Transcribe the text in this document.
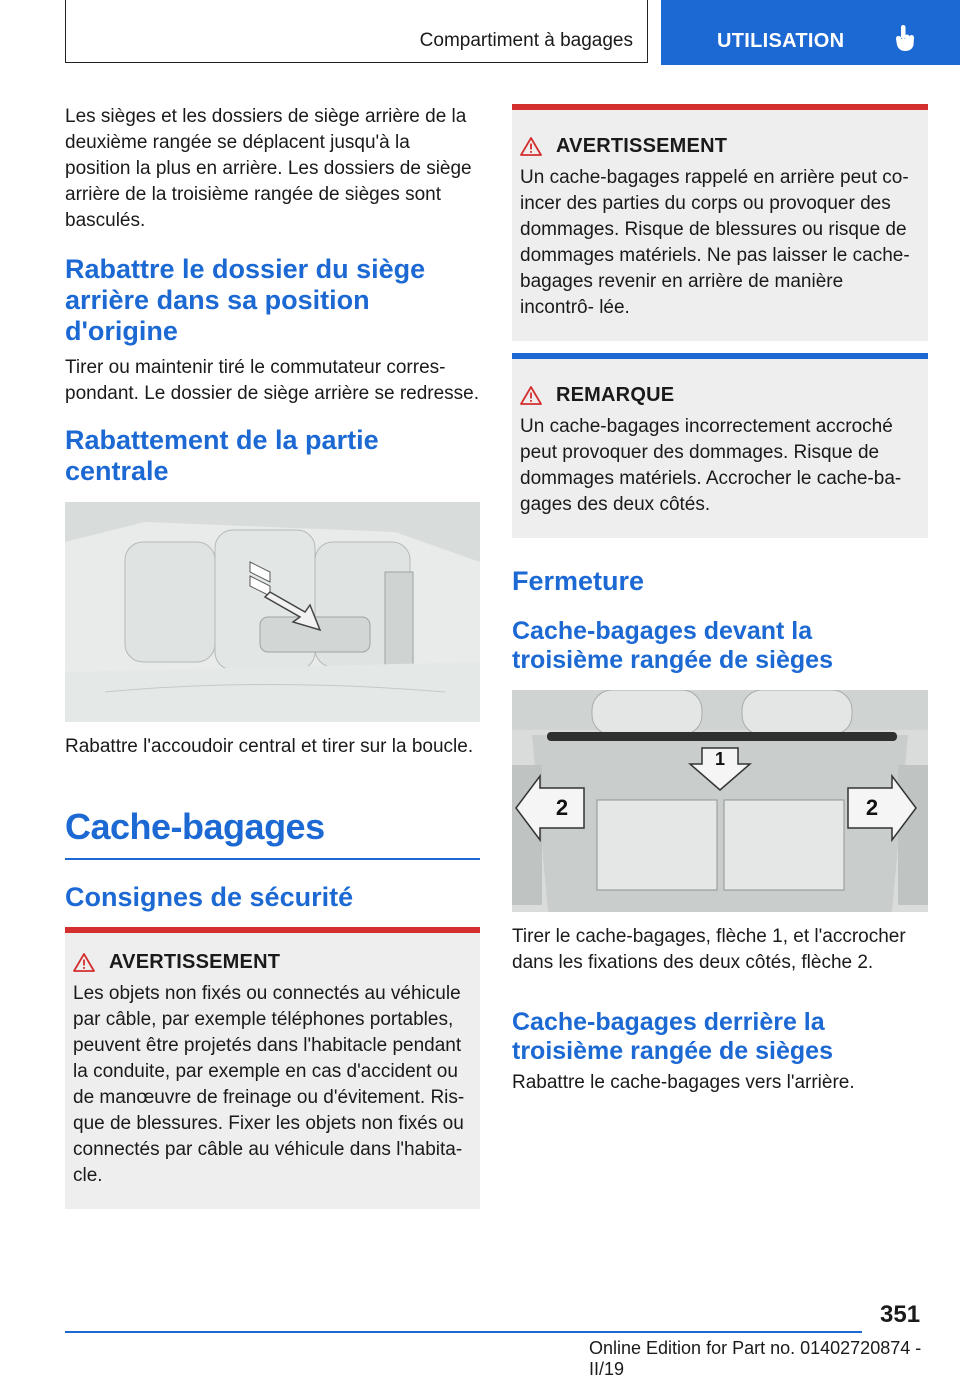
Compartiment à bagages	UTILISATION

Les sièges et les dossiers de siège arrière de la deuxième rangée se déplacent jusqu'à la position la plus en arrière. Les dossiers de siège arrière de la troisième rangée de sièges sont basculés.

Rabattre le dossier du siège arrière dans sa position d'origine

Tirer ou maintenir tiré le commutateur corres- pondant. Le dossier de siège arrière se redresse.

Rabattement de la partie centrale

Rabattre l'accoudoir central et tirer sur la boucle.

Cache-bagages
Consignes de sécurité
AVERTISSEMENT

Les objets non fixés ou connectés au véhicule par câble, par exemple téléphones portables, peuvent être projetés dans l'habitacle pendant la conduite, par exemple en cas d'accident ou de manœuvre de freinage ou d'évitement. Ris- que de blessures. Fixer les objets non fixés ou connectés par câble au véhicule dans l'habita- cle.

AVERTISSEMENT

Un cache-bagages rappelé en arrière peut co- incer des parties du corps ou provoquer des dommages. Risque de blessures ou risque de dommages matériels. Ne pas laisser le cache- bagages revenir en arrière de manière incontrô- lée.

REMARQUE

Un cache-bagages incorrectement accroché peut provoquer des dommages. Risque de dommages matériels. Accrocher le cache-ba- gages des deux côtés.

Fermeture
Cache-bagages devant la troisième rangée de sièges
1
2	2

Tirer le cache-bagages, flèche 1, et l'accrocher dans les fixations des deux côtés, flèche 2.

Cache-bagages derrière la troisième rangée de sièges

Rabattre le cache-bagages vers l'arrière.

351
Online Edition for Part no. 01402720874 - II/19
